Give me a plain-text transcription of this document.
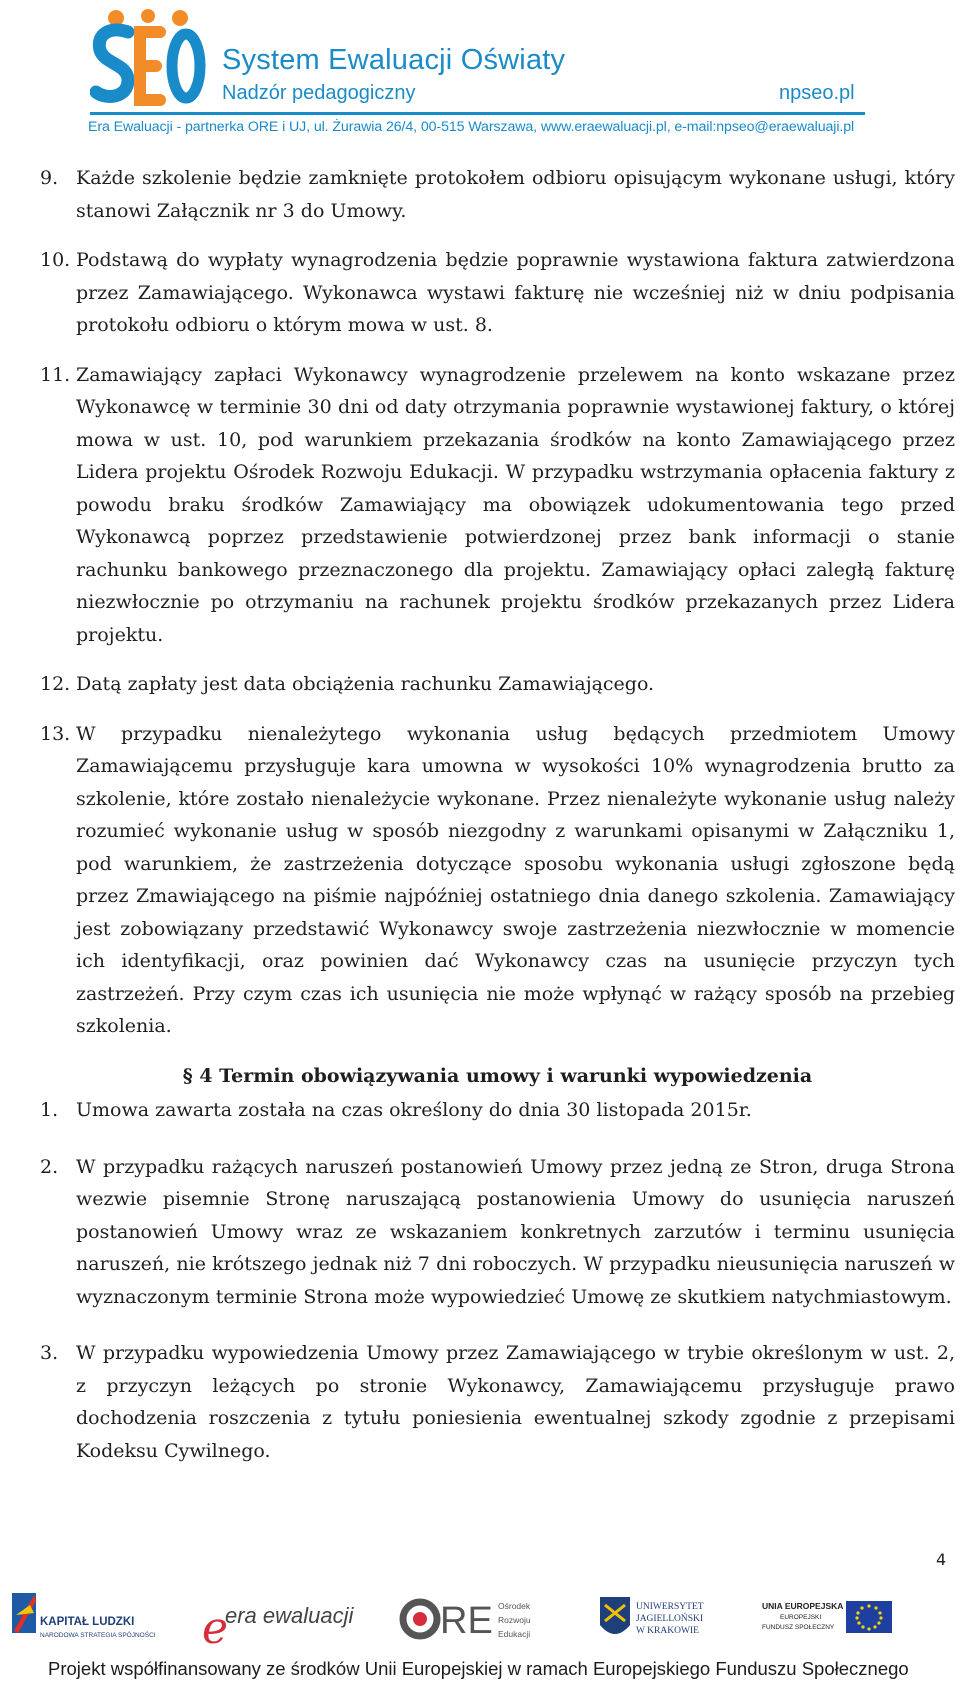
System Ewaluacji Oświaty
Nadzór pedagogiczny	npseo.pl
Era Ewaluacji - partnerka ORE i UJ, ul. Żurawia 26/4, 00-515 Warszawa, www.eraewaluacji.pl, e-mail:npseo@eraewaluaji.pl
9. Każde szkolenie będzie zamknięte protokołem odbioru opisującym wykonane usługi, który stanowi Załącznik nr 3 do Umowy.
10. Podstawą do wypłaty wynagrodzenia będzie poprawnie wystawiona faktura zatwierdzona przez Zamawiającego. Wykonawca wystawi fakturę nie wcześniej niż w dniu podpisania protokołu odbioru o którym mowa w ust. 8.
11. Zamawiający zapłaci Wykonawcy wynagrodzenie przelewem na konto wskazane przez Wykonawcę w terminie 30 dni od daty otrzymania poprawnie wystawionej faktury, o której mowa w ust. 10, pod warunkiem przekazania środków na konto Zamawiającego przez Lidera projektu Ośrodek Rozwoju Edukacji. W przypadku wstrzymania opłacenia faktury z powodu braku środków Zamawiający ma obowiązek udokumentowania tego przed Wykonawcą poprzez przedstawienie potwierdzonej przez bank informacji o stanie rachunku bankowego przeznaczonego dla projektu. Zamawiający opłaci zaległą fakturę niezwłocznie po otrzymaniu na rachunek projektu środków przekazanych przez Lidera projektu.
12. Datą zapłaty jest data obciążenia rachunku Zamawiającego.
13. W przypadku nienależytego wykonania usług będących przedmiotem Umowy Zamawiającemu przysługuje kara umowna w wysokości 10% wynagrodzenia brutto za szkolenie, które zostało nienależycie wykonane. Przez nienależyte wykonanie usług należy rozumieć wykonanie usług w sposób niezgodny z warunkami opisanymi w Załączniku 1, pod warunkiem, że zastrzeżenia dotyczące sposobu wykonania usługi zgłoszone będą przez Zmawiającego na piśmie najpóźniej ostatniego dnia danego szkolenia. Zamawiający jest zobowiązany przedstawić Wykonawcy swoje zastrzeżenia niezwłocznie w momencie ich identyfikacji, oraz powinien dać Wykonawcy czas na usunięcie przyczyn tych zastrzeżeń. Przy czym czas ich usunięcia nie może wpłynąć w rażący sposób na przebieg szkolenia.
§ 4 Termin obowiązywania umowy i warunki wypowiedzenia
1. Umowa zawarta została na czas określony do dnia 30 listopada 2015r.
2. W przypadku rażących naruszeń postanowień Umowy przez jedną ze Stron, druga Strona wezwie pisemnie Stronę naruszającą postanowienia Umowy do usunięcia naruszeń postanowień Umowy wraz ze wskazaniem konkretnych zarzutów i terminu usunięcia naruszeń, nie krótszego jednak niż 7 dni roboczych. W przypadku nieusunięcia naruszeń w wyznaczonym terminie Strona może wypowiedzieć Umowę ze skutkiem natychmiastowym.
3. W przypadku wypowiedzenia Umowy przez Zamawiającego w trybie określonym w ust. 2, z przyczyn leżących po stronie Wykonawcy, Zamawiającemu przysługuje prawo dochodzenia roszczenia z tytułu poniesienia ewentualnej szkody zgodnie z przepisami Kodeksu Cywilnego.
4
KAPITAŁ LUDZKI
NARODOWA STRATEGIA SPÓJNOŚCI e
era ewaluacji RE Ośrodek
Rozwoju
Edukacji
UNIWERSYTET
JAGIELLOŃSKI
W KRAKOWIE
UNIA EUROPEJSKA
EUROPEJSKI
FUNDUSZ SPOŁECZNY
Projekt współfinansowany ze środków Unii Europejskiej w ramach Europejskiego Funduszu Społecznego
